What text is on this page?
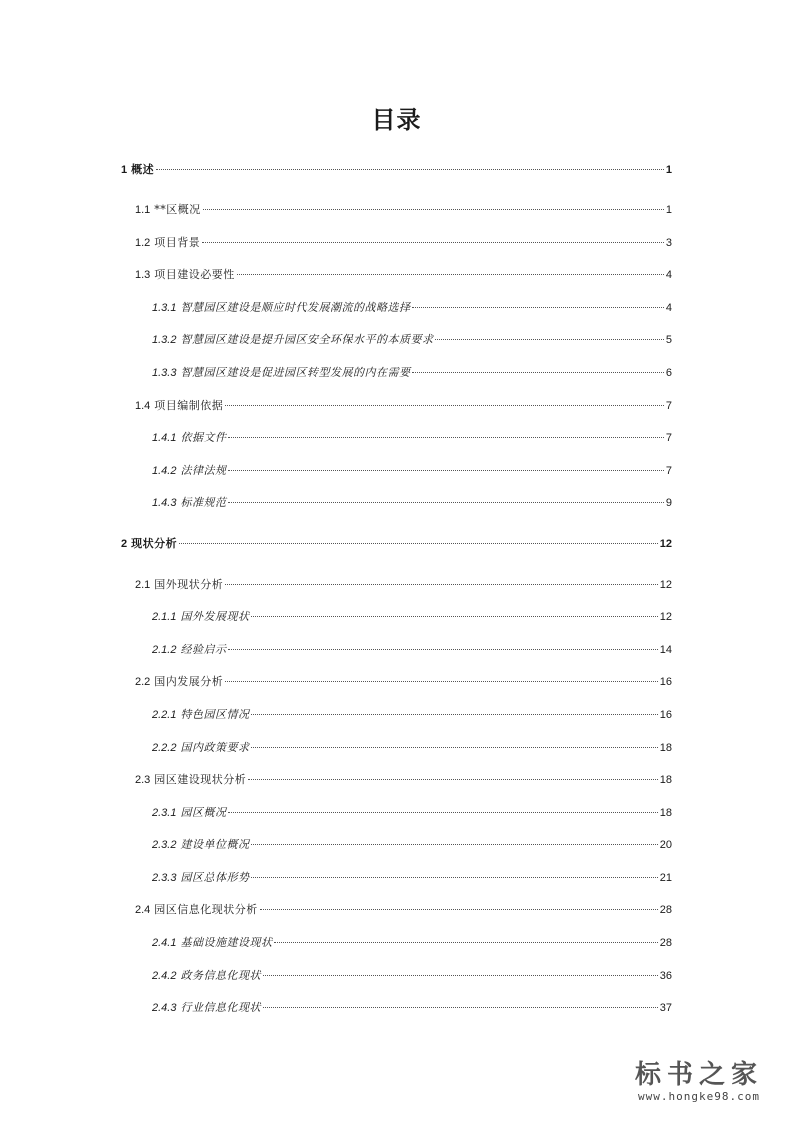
目录
1 概述	1
1.1 **区概况	1
1.2 项目背景	3
1.3 项目建设必要性	4
1.3.1 智慧园区建设是顺应时代发展潮流的战略选择	4
1.3.2 智慧园区建设是提升园区安全环保水平的本质要求	5
1.3.3 智慧园区建设是促进园区转型发展的内在需要	6
1.4 项目编制依据	7
1.4.1 依据文件	7
1.4.2 法律法规	7
1.4.3 标准规范	9
2 现状分析	12
2.1 国外现状分析	12
2.1.1 国外发展现状	12
2.1.2 经验启示	14
2.2 国内发展分析	16
2.2.1 特色园区情况	16
2.2.2 国内政策要求	18
2.3 园区建设现状分析	18
2.3.1 园区概况	18
2.3.2 建设单位概况	20
2.3.3 园区总体形势	21
2.4 园区信息化现状分析	28
2.4.1 基础设施建设现状	28
2.4.2 政务信息化现状	36
2.4.3 行业信息化现状	37
标书之家
www.hongke98.com
